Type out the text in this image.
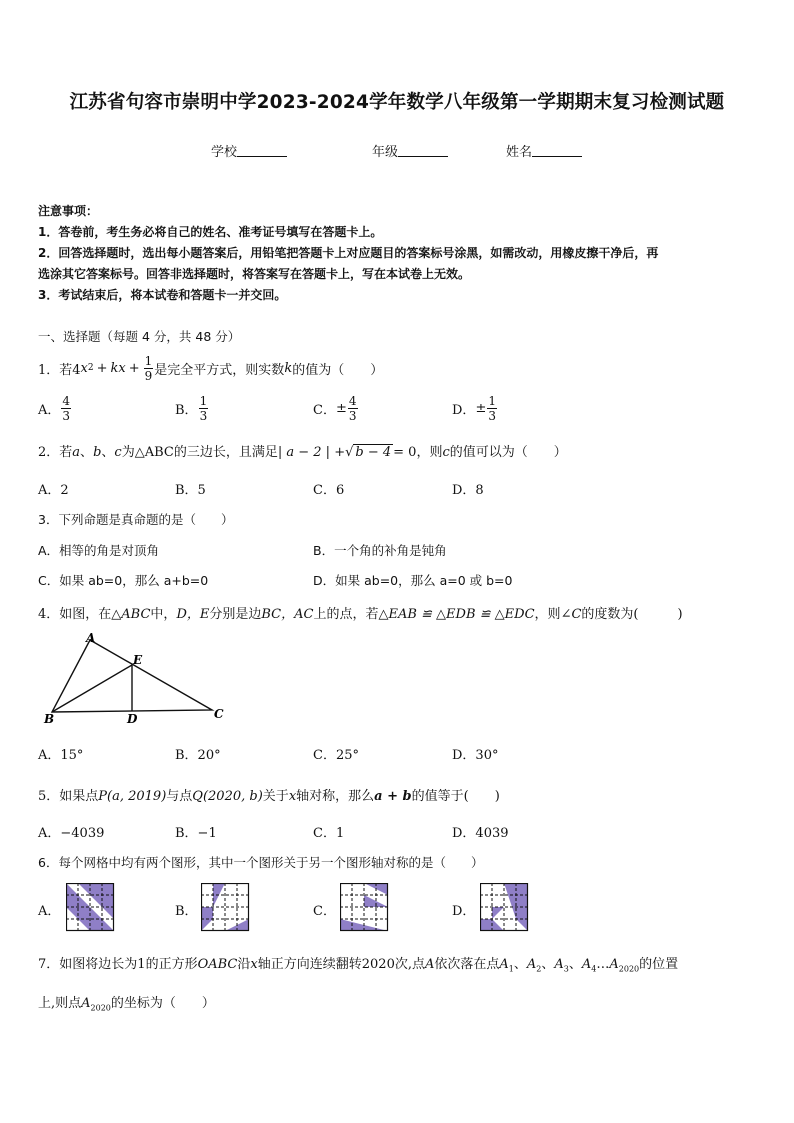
江苏省句容市崇明中学2023-2024学年数学八年级第一学期期末复习检测试题
学校	年级	姓名
注意事项：
1．答卷前，考生务必将自己的姓名、准考证号填写在答题卡上。
2．回答选择题时，选出每小题答案后，用铅笔把答题卡上对应题目的答案标号涂黑，如需改动，用橡皮擦干净后，再
选涂其它答案标号。回答非选择题时，将答案写在答题卡上，写在本试卷上无效。
3．考试结束后，将本试卷和答题卡一并交回。
一、选择题（每题 4 分，共 48 分）
1．若4 x 2 + kx + $\frac{1}{9}$ 是完全平方式，则实数 k 的值为（　　）
A． $\frac{4}{3}$	B． $\frac{1}{3}$	C． ± $\frac{4}{3}$	D． ± $\frac{1}{3}$
2．若a、b、c为△ABC的三边长，且满足| a − 2 | +√ b − 4 = 0，则c的值可以为（　　）
A．2	B．5	C．6	D．8
3．下列命题是真命题的是（　　）
A．相等的角是对顶角	B．一个角的补角是钝角
C．如果 ab=0，那么 a+b=0	D．如果 ab=0，那么 a=0 或 b=0
4．如图，在△ABC中，D，E分别是边BC，AC上的点，若△EAB ≌ △EDB ≌ △EDC，则∠C的度数为(　　　)
A
E
B	D	C
A．15°	B．20°	C．25°	D．30°
5．如果点P(a, 2019)与点Q(2020, b)关于x轴对称，那么a + b的值等于(　　)
A．−4039	B．−1	C．1	D．4039
6．每个网格中均有两个图形，其中一个图形关于另一个图形轴对称的是（　　）
A．	B．	C．	D．
7．如图将边长为1的正方形OABC沿x轴正方向连续翻转2020次,点A依次落在点$A_1$、$A_2$、$A_3$、$A_4\dots A_{2020}$的位置
上,则点$A_{2020}$的坐标为（　　）
